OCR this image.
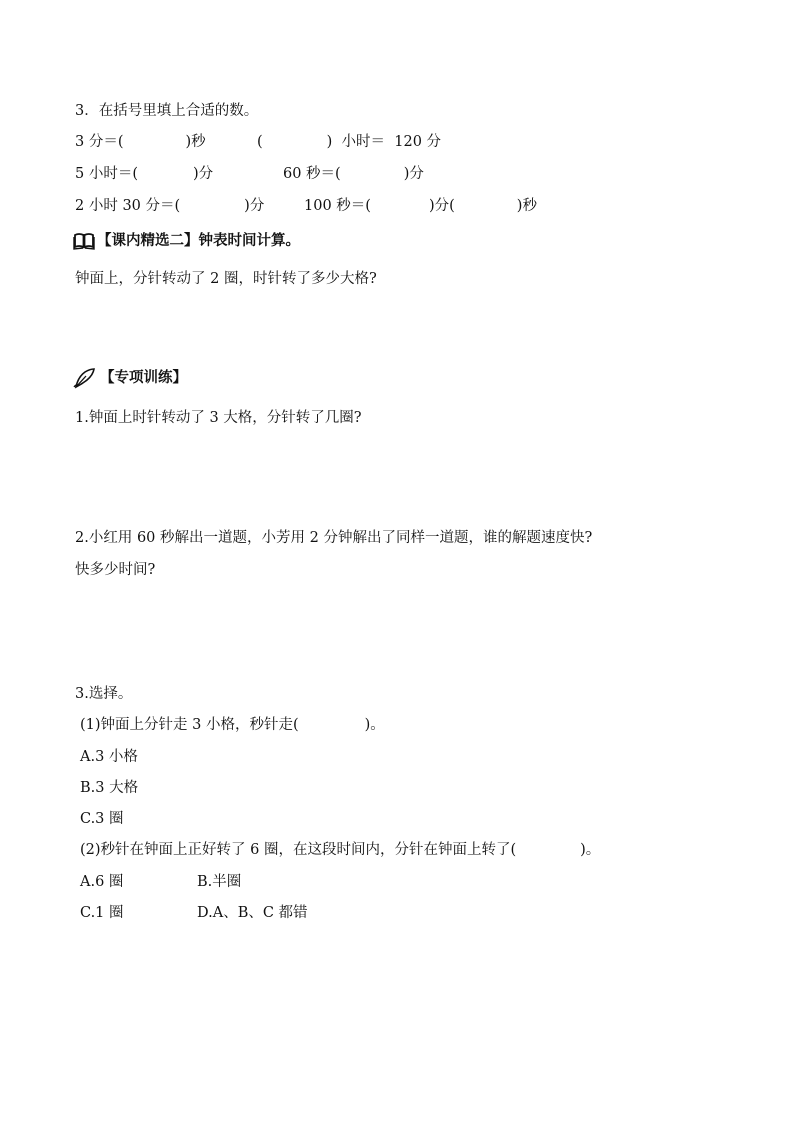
3．在括号里填上合适的数。
3 分＝(	)秒	(	)  小时＝  120 分
5 小时＝(	)分	60 秒＝(	)分
2 小时 30 分＝(	)分	100 秒＝(	)分(	)秒
【课内精选二】 钟表时间计算。
钟面上，分针转动了 2 圈，时针转了多少大格?
【专项训练】
1.钟面上时针转动了 3 大格，分针转了几圈?
2.小红用 60 秒解出一道题，小芳用 2 分钟解出了同样一道题，谁的解题速度快?
快多少时间?
3.选择。
(1)钟面上分针走 3 小格，秒针走(	)。
A.3 小格
B.3 大格
C.3 圈
(2)秒针在钟面上正好转了 6 圈，在这段时间内，分针在钟面上转了(	)。
A.6 圈	B.半圈
C.1 圈	D.A、B、C 都错
